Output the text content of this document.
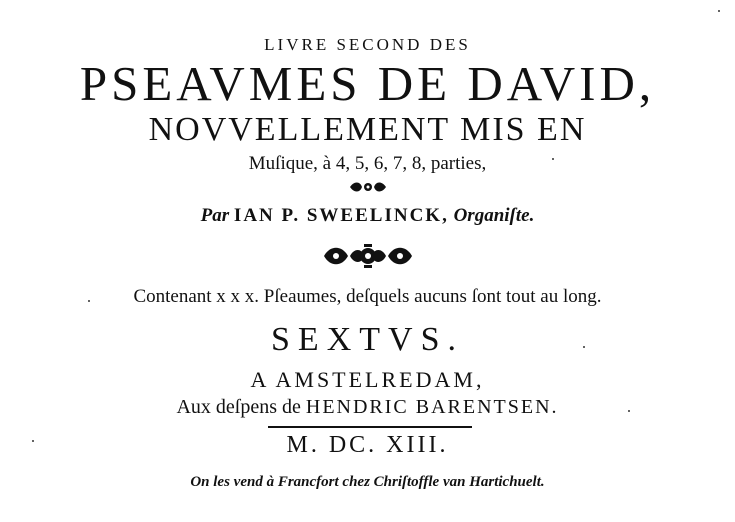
LIVRE SECOND DES
PSEAVMES DE DAVID,
NOVVELLEMENT MIS EN
Muſique, à 4, 5, 6, 7, 8, parties,
Par IAN P. SWEELINCK, Organiſte.
Contenant x x x. Pſeaumes, deſquels aucuns ſont tout au long.
SEXTVS.
A AMSTELREDAM,
Aux deſpens de HENDRIC BARENTSEN.
M. DC. XIII.
On les vend à Francfort chez Chriſtoffle van Hartichuelt.
